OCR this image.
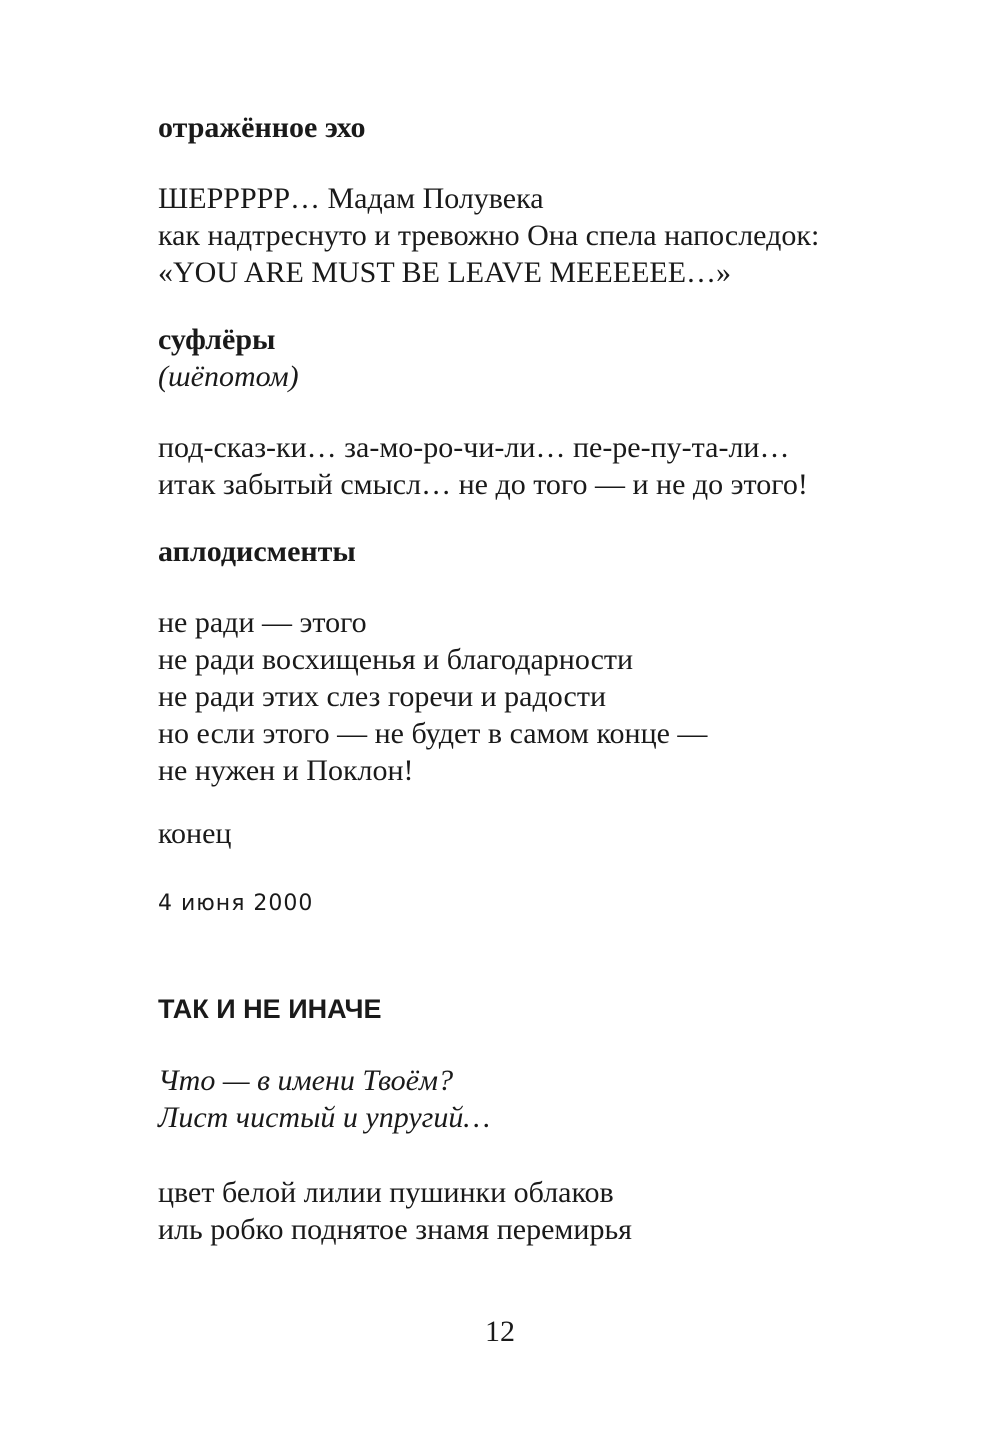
отражённое эхо

ШЕРРРРР… Мадам Полувека

как надтреснуто и тревожно Она спела напоследок:

«YOU ARE MUST BE LEAVE MEEEEEE…»

суфлёры

(шёпотом)

под-сказ-ки… за-мо-ро-чи-ли… пе-ре-пу-та-ли…

итак забытый смысл… не до того — и не до этого!

аплодисменты

не ради — этого

не ради восхищенья и благодарности

не ради этих слез горечи и радости

но если этого — не будет в самом конце —

не нужен и Поклон!

конец

4 июня 2000

ТАК И НЕ ИНАЧЕ

Что — в имени Твоём?

Лист чистый и упругий…

цвет белой лилии пушинки облаков

иль робко поднятое знамя перемирья

12
